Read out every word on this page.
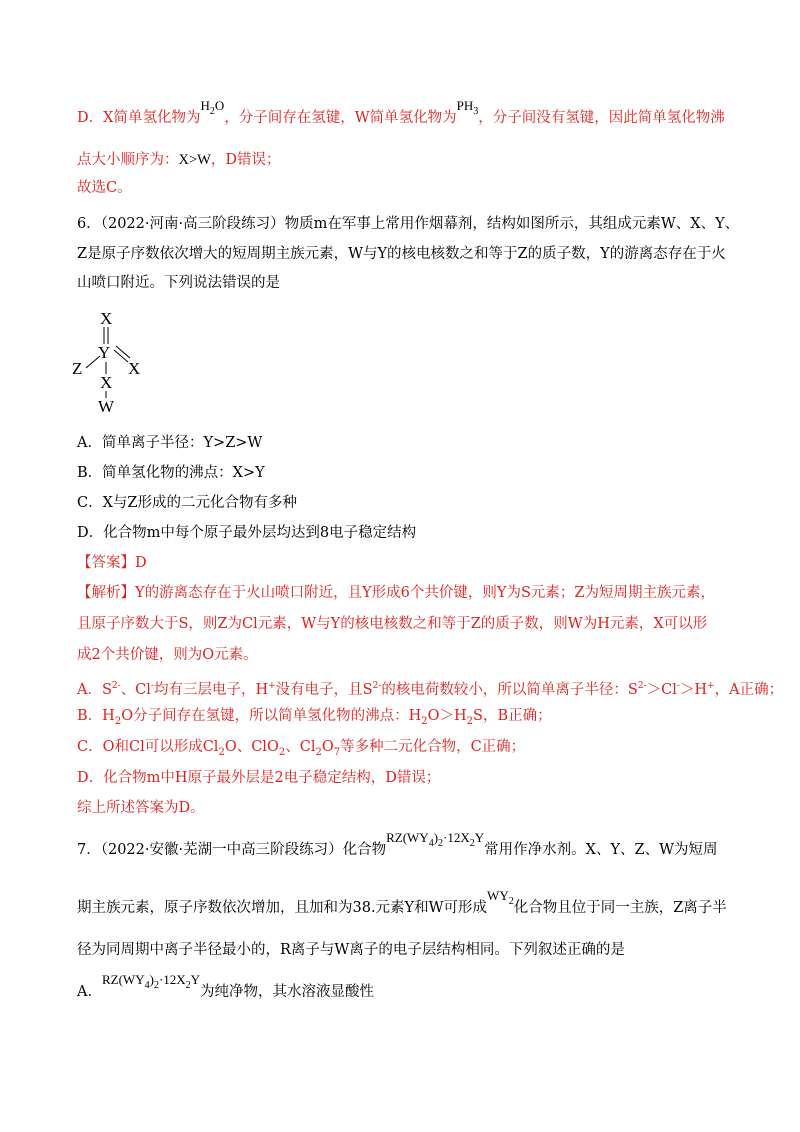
D．X简单氢化物为$H_2O$，分子间存在氢键，W简单氢化物为$PH_3$，分子间没有氢键，因此简单氢化物沸
点大小顺序为：X>W，D错误；
故选C。
6．（2022·河南·高三阶段练习）物质m在军事上常用作烟幕剂，结构如图所示，其组成元素W、X、Y、
Z是原子序数依次增大的短周期主族元素，W与Y的核电核数之和等于Z的质子数，Y的游离态存在于火
山喷口附近。下列说法错误的是
X
Y
Z	X
X
W
A．简单离子半径：Y>Z>W
B．简单氢化物的沸点：X>Y
C．X与Z形成的二元化合物有多种
D．化合物m中每个原子最外层均达到8电子稳定结构
【答案】D
【解析】Y的游离态存在于火山喷口附近，且Y形成6个共价键，则Y为S元素；Z为短周期主族元素，
且原子序数大于S，则Z为Cl元素，W与Y的核电核数之和等于Z的质子数，则W为H元素，X可以形
成2个共价键，则为O元素。
A．$S^{2-}$、Cl-均有三层电子，H+没有电子，且$S^{2-}$的核电荷数较小，所以简单离子半径：$S^{2-}>Cl^->H^+$，A正确；
B．$H_2O$分子间存在氢键，所以简单氢化物的沸点：$H_2O>H_2S$，B正确；
C．O和Cl可以形成$Cl_2O$、ClO$_2$、$Cl_2O_7$等多种二元化合物，C正确；
D．化合物m中H原子最外层是2电子稳定结构，D错误；
综上所述答案为D。
7．（2022·安徽·芜湖一中高三阶段练习）化合物$RZ(WY_4)_2\cdot 12X_2Y$常用作净水剂。X、Y、Z、W为短周
期主族元素，原子序数依次增加，且加和为38.元素Y和W可形成$WY_2$化合物且位于同一主族，Z离子半
径为同周期中离子半径最小的，R离子与W离子的电子层结构相同。下列叙述正确的是
A．$RZ(WY_4)_2\cdot 12X_2Y$为纯净物，其水溶液显酸性
